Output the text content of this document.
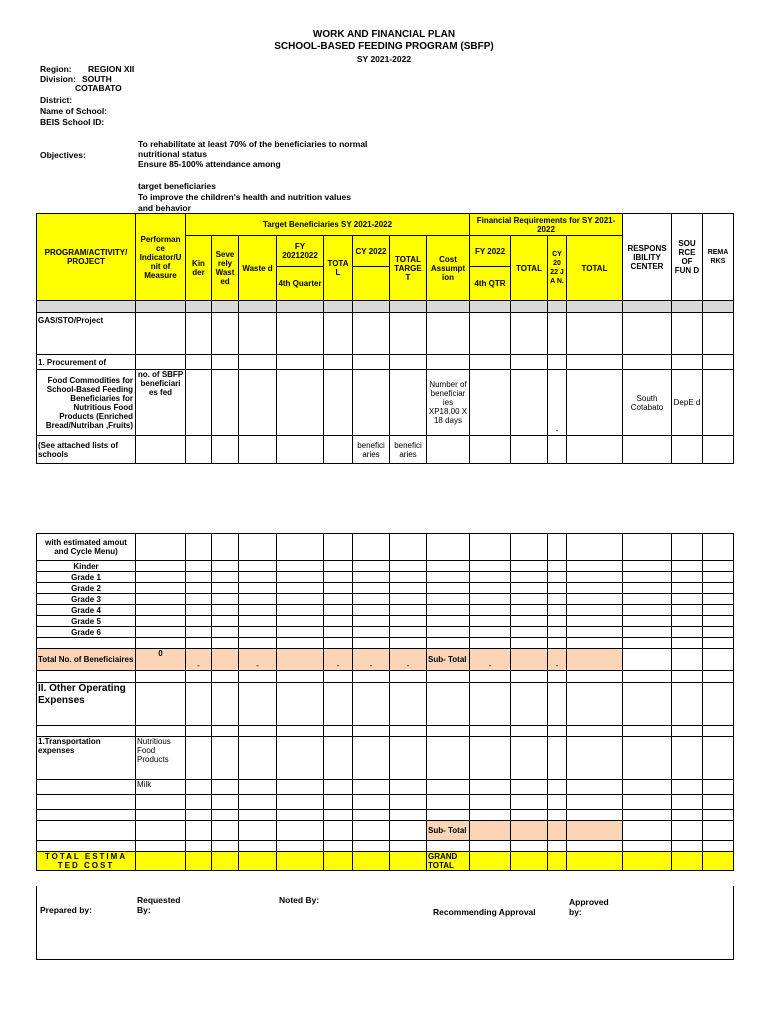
WORK AND FINANCIAL PLAN
SCHOOL-BASED FEEDING PROGRAM (SBFP)
SY 2021-2022
Region: REGION XII
Division: SOUTH
COTABATO
District:
Name of School:
BEIS School ID:
Objectives:
To rehabilitate at least 70% of the beneficiaries to normal
nutritional status
Ensure 85-100% attendance among
target beneficiaries
To improve the children's health and nutrition values
and behavior
PROGRAM/ACTIVITY/ PROJECT	Performan ce Indicator/U nit of Measure	Target Beneficiaries SY 2021-2022								Financial Requirements for SY 2021-2022				RESPONS IBILITY CENTER	SOU RCE OF FUN D	REMA RKS
		Kin der	Seve rely Wast ed	Waste d	FY 20212022	TOTA L	CY 2022	TOTAL TARGE T	Cost Assumpt ion	FY 2022	TOTAL	CY 20 22 J A N.	TOTAL			
					4th Quarter					4th QTR						

GAS/STO/Project																
1. Procurement of																
Food Commodities for School-Based Feeding Beneficiaries for Nutritious Food Products (Enriched Bread/Nutriban ,Fruits)	no. of SBFP beneficiari es fed								Number of beneficiar ies XP18.00 X 18 days			-		South Cotabato	DepE d	
(See attached lists of schools							benefici aries	benefici aries								
with estimated amout and Cycle Menu)																
Kinder																
Grade 1																
Grade 2																
Grade 3																
Grade 4																
Grade 5																
Grade 6																

Total No. of Beneficiaires	0	-		-		-	-	-	Sub- Total	-		-				

II. Other Operating Expenses																

1.Transportation expenses	Nutritious Food Products															
	Milk															

									Sub- Total							

TOTAL ESTIMA TED COST									GRAND TOTAL							
Prepared by:
Requested By:
Noted By:
Recommending Approval
Approved by:
